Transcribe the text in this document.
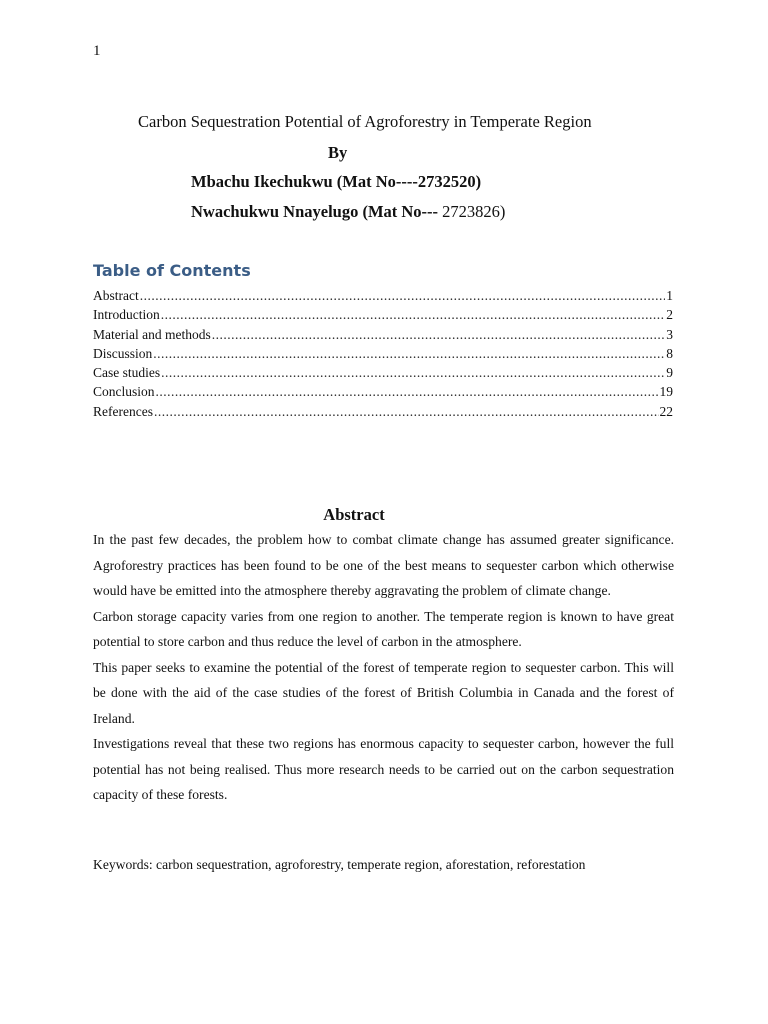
1
Carbon Sequestration Potential of Agroforestry in Temperate Region
By
Mbachu Ikechukwu (Mat No----2732520)
Nwachukwu Nnayelugo (Mat No--- 2723826)
Table of Contents
Abstract .....	1
Introduction .....	2
Material and methods .....	3
Discussion .....	8
Case studies .....	9
Conclusion .....	19
References .....	22
Abstract

In the past few decades, the problem how to combat climate change has assumed greater significance. Agroforestry practices has been found to be one of the best means to sequester carbon which otherwise would have be emitted into the atmosphere thereby aggravating the problem of climate change.

Carbon storage capacity varies from one region to another. The temperate region is known to have great potential to store carbon and thus reduce the level of carbon in the atmosphere.

This paper seeks to examine the potential of the forest of temperate region to sequester carbon. This will be done with the aid of the case studies of the forest of British Columbia in Canada and the forest of Ireland.

Investigations reveal that these two regions has enormous capacity to sequester carbon, however the full potential has not being realised. Thus more research needs to be carried out on the carbon sequestration capacity of these forests.

Keywords: carbon sequestration, agroforestry, temperate region, aforestation, reforestation
